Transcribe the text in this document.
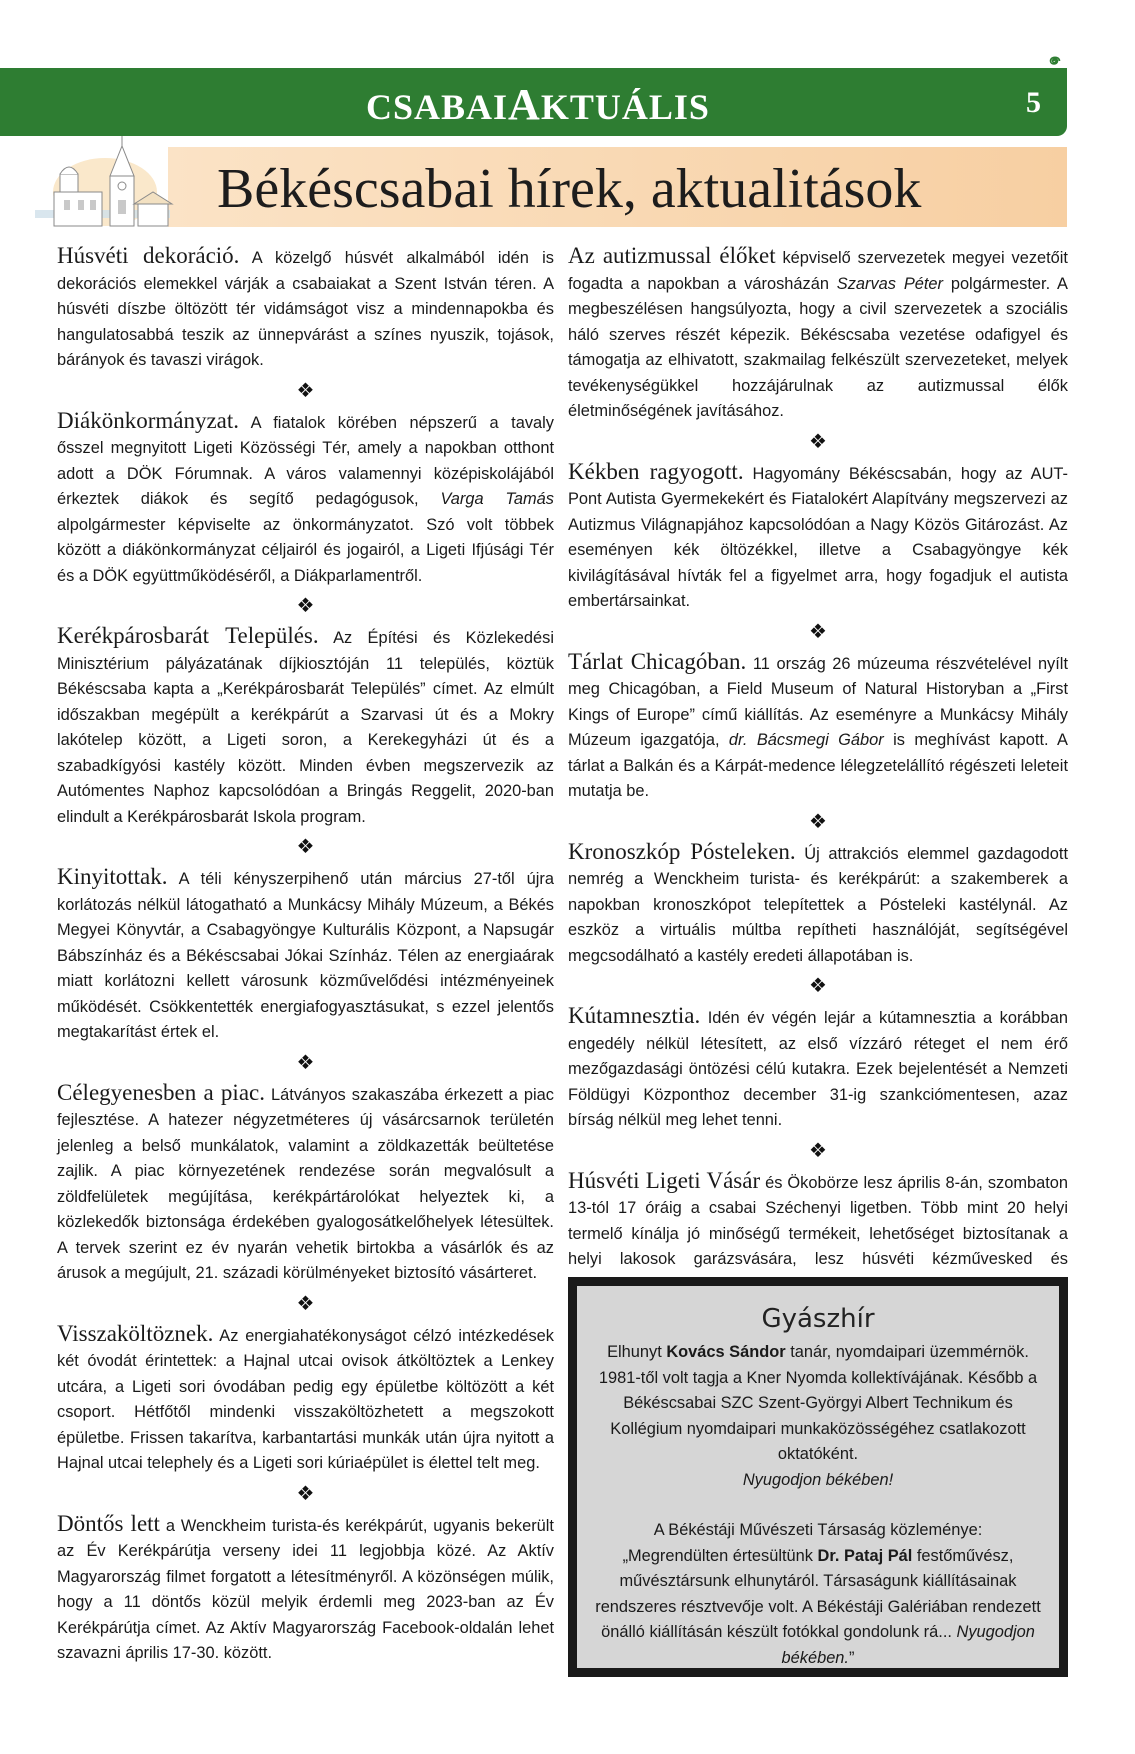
CSABAIAKTUÁLIS	5
Békéscsabai hírek, aktualitások

Húsvéti dekoráció. A közelgő húsvét alkalmából idén is dekorációs elemekkel várják a csabaiakat a Szent István téren. A húsvéti díszbe öltözött tér vidámságot visz a mindennapokba és hangulatosabbá teszik az ünnepvárást a színes nyuszik, tojások, bárányok és tavaszi virágok.

❖

Diákönkormányzat. A fiatalok körében népszerű a tavaly ősszel megnyitott Ligeti Közösségi Tér, amely a napokban otthont adott a DÖK Fórumnak. A város valamennyi középiskolájából érkeztek diákok és segítő pedagógusok, Varga Tamás alpolgármester képviselte az önkormányzatot. Szó volt többek között a diákönkormányzat céljairól és jogairól, a Ligeti Ifjúsági Tér és a DÖK együttműködéséről, a Diákparlamentről.

❖

Kerékpárosbarát Település. Az Építési és Közlekedési Minisztérium pályázatának díjkiosztóján 11 település, köztük Békéscsaba kapta a „Kerékpárosbarát Település” címet. Az elmúlt időszakban megépült a kerékpárút a Szarvasi út és a Mokry lakótelep között, a Ligeti soron, a Kerekegyházi út és a szabadkígyósi kastély között. Minden évben megszervezik az Autómentes Naphoz kapcsolódóan a Bringás Reggelit, 2020-ban elindult a Kerékpárosbarát Iskola program.

❖

Kinyitottak. A téli kényszerpihenő után március 27-től újra korlátozás nélkül látogatható a Munkácsy Mihály Múzeum, a Békés Megyei Könyvtár, a Csabagyöngye Kulturális Központ, a Napsugár Bábszínház és a Békéscsabai Jókai Színház. Télen az energiaárak miatt korlátozni kellett városunk közművelődési intézményeinek működését. Csökkentették energiafogyasztásukat, s ezzel jelentős megtakarítást értek el.

❖

Célegyenesben a piac. Látványos szakaszába érkezett a piac fejlesztése. A hatezer négyzetméteres új vásárcsarnok területén jelenleg a belső munkálatok, valamint a zöldkazetták beültetése zajlik. A piac környezetének rendezése során megvalósult a zöldfelületek megújítása, kerékpártárolókat helyeztek ki, a közlekedők biztonsága érdekében gyalogosátkelőhelyek létesültek. A tervek szerint ez év nyarán vehetik birtokba a vásárlók és az árusok a megújult, 21. századi körülményeket biztosító vásárteret.

❖

Visszaköltöznek. Az energiahatékonyságot célzó intézkedések két óvodát érintettek: a Hajnal utcai ovisok átköltöztek a Lenkey utcára, a Ligeti sori óvodában pedig egy épületbe költözött a két csoport. Hétfőtől mindenki visszaköltözhetett a megszokott épületbe. Frissen takarítva, karbantartási munkák után újra nyitott a Hajnal utcai telephely és a Ligeti sori kúriaépület is élettel telt meg.

❖

Döntős lett a Wenckheim turista-és kerékpárút, ugyanis bekerült az Év Kerékpárútja verseny idei 11 legjobbja közé. Az Aktív Magyarország filmet forgatott a létesítményről. A közönségen múlik, hogy a 11 döntős közül melyik érdemli meg 2023-ban az Év Kerékpárútja címet. Az Aktív Magyarország Facebook-oldalán lehet szavazni április 17-30. között.

Az autizmussal élőket képviselő szervezetek megyei vezetőit fogadta a napokban a városházán Szarvas Péter polgármester. A megbeszélésen hangsúlyozta, hogy a civil szervezetek a szociális háló szerves részét képezik. Békéscsaba vezetése odafigyel és támogatja az elhivatott, szakmailag felkészült szervezeteket, melyek tevékenységükkel hozzájárulnak az autizmussal élők életminőségének javításához.

❖

Kékben ragyogott. Hagyomány Békéscsabán, hogy az AUT-Pont Autista Gyermekekért és Fiatalokért Alapítvány megszervezi az Autizmus Világnapjához kapcsolódóan a Nagy Közös Gitározást. Az eseményen kék öltözékkel, illetve a Csabagyöngye kék kivilágításával hívták fel a figyelmet arra, hogy fogadjuk el autista embertársainkat.

❖

Tárlat Chicagóban. 11 ország 26 múzeuma részvételével nyílt meg Chicagóban, a Field Museum of Natural Historyban a „First Kings of Europe” című kiállítás. Az eseményre a Munkácsy Mihály Múzeum igazgatója, dr. Bácsmegi Gábor is meghívást kapott. A tárlat a Balkán és a Kárpát-medence lélegzetelállító régészeti leleteit mutatja be.

❖

Kronoszkóp Pósteleken. Új attrakciós elemmel gazdagodott nemrég a Wenckheim turista- és kerékpárút: a szakemberek a napokban kronoszkópot telepítettek a Pósteleki kastélynál. Az eszköz a virtuális múltba repítheti használóját, segítségével megcsodálható a kastély eredeti állapotában is.

❖

Kútamnesztia. Idén év végén lejár a kútamnesztia a korábban engedély nélkül létesített, az első vízzáró réteget el nem érő mezőgazdasági öntözési célú kutakra. Ezek bejelentését a Nemzeti Földügyi Központhoz december 31-ig szankciómentesen, azaz bírság nélkül meg lehet tenni.

❖

Húsvéti Ligeti Vásár és Ökobörze lesz április 8-án, szombaton 13-tól 17 óráig a csabai Széchenyi ligetben. Több mint 20 helyi termelő kínálja jó minőségű termékeit, lehetőséget biztosítanak a helyi lakosok garázsvására, lesz húsvéti kézművesked és

Gyászhír

Elhunyt Kovács Sándor tanár, nyomdaipari üzemmérnök. 1981-től volt tagja a Kner Nyomda kollektívájának. Később a Békéscsabai SZC Szent-Györgyi Albert Technikum és Kollégium nyomdaipari munkaközösségéhez csatlakozott oktatóként.

Nyugodjon békében!

A Békéstáji Művészeti Társaság közleménye:

„Megrendülten értesültünk Dr. Pataj Pál festőművész, művésztársunk elhunytáról. Társaságunk kiállításainak rendszeres résztvevője volt. A Békéstáji Galériában rendezett önálló kiállításán készült fotókkal gondolunk rá... Nyugodjon békében.”
